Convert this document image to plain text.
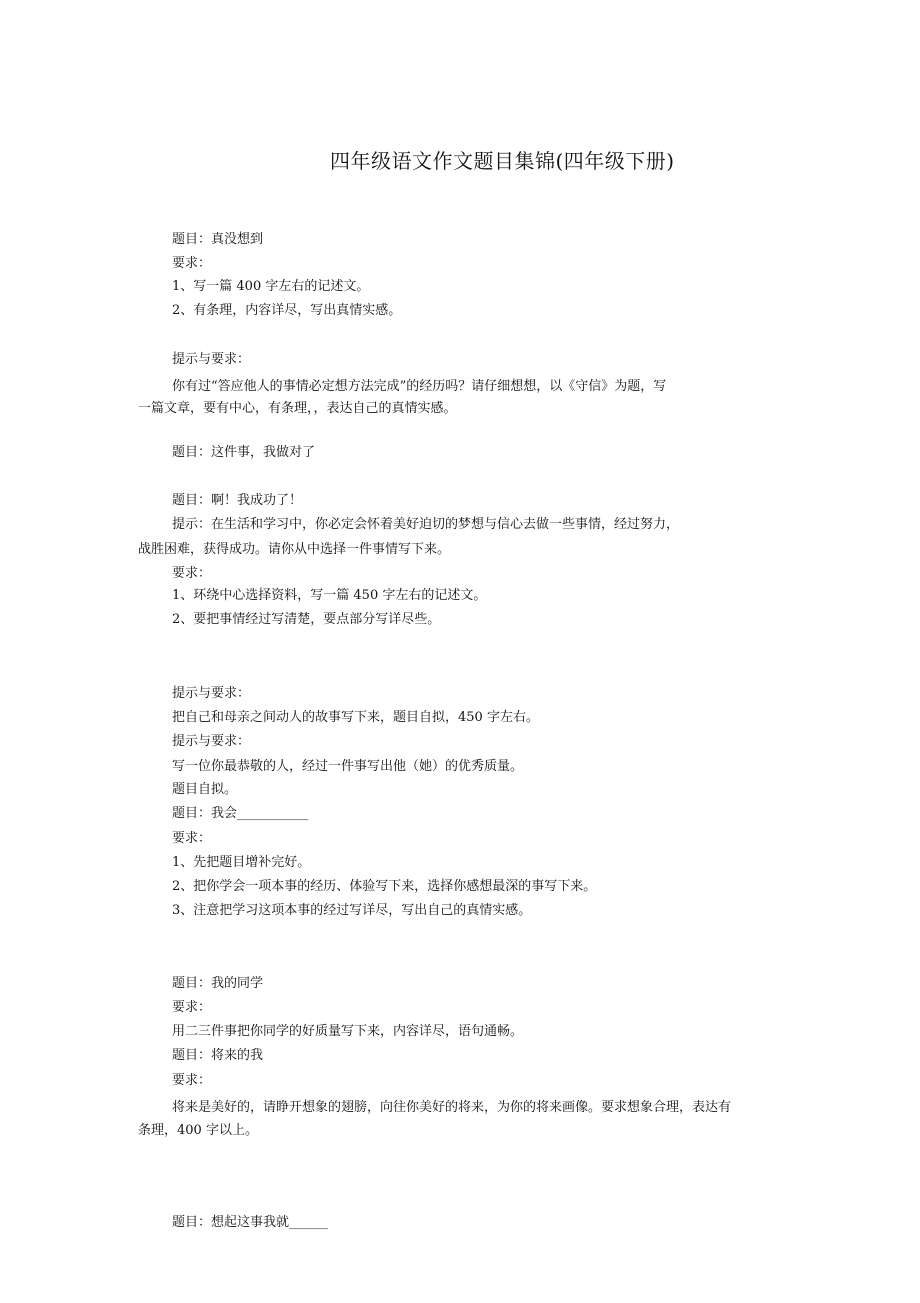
四年级语文作文题目集锦(四年级下册)
题目：真没想到
要求：
1、写一篇 400 字左右的记述文。
2、有条理，内容详尽，写出真情实感。
提示与要求：
你有过“答应他人的事情必定想方法完成”的经历吗？请仔细想想，以《守信》为题，写
一篇文章，要有中心，有条理，，表达自己的真情实感。
题目：这件事，我做对了
题目：啊！我成功了！
提示：在生活和学习中，你必定会怀着美好迫切的梦想与信心去做一些事情，经过努力，
战胜困难，获得成功。请你从中选择一件事情写下来。
要求：
1、环绕中心选择资料，写一篇 450 字左右的记述文。
2、要把事情经过写清楚，要点部分写详尽些。
提示与要求：
把自己和母亲之间动人的故事写下来，题目自拟，450 字左右。
提示与要求：
写一位你最恭敬的人，经过一件事写出他（她）的优秀质量。
题目自拟。
题目：我会___________
要求：
1、先把题目增补完好。
2、把你学会一项本事的经历、体验写下来，选择你感想最深的事写下来。
3、注意把学习这项本事的经过写详尽，写出自己的真情实感。
题目：我的同学
要求：
用二三件事把你同学的好质量写下来，内容详尽，语句通畅。
题目：将来的我
要求：
将来是美好的，请睁开想象的翅膀，向往你美好的将来，为你的将来画像。要求想象合理，表达有
条理，400 字以上。
题目：想起这事我就______
